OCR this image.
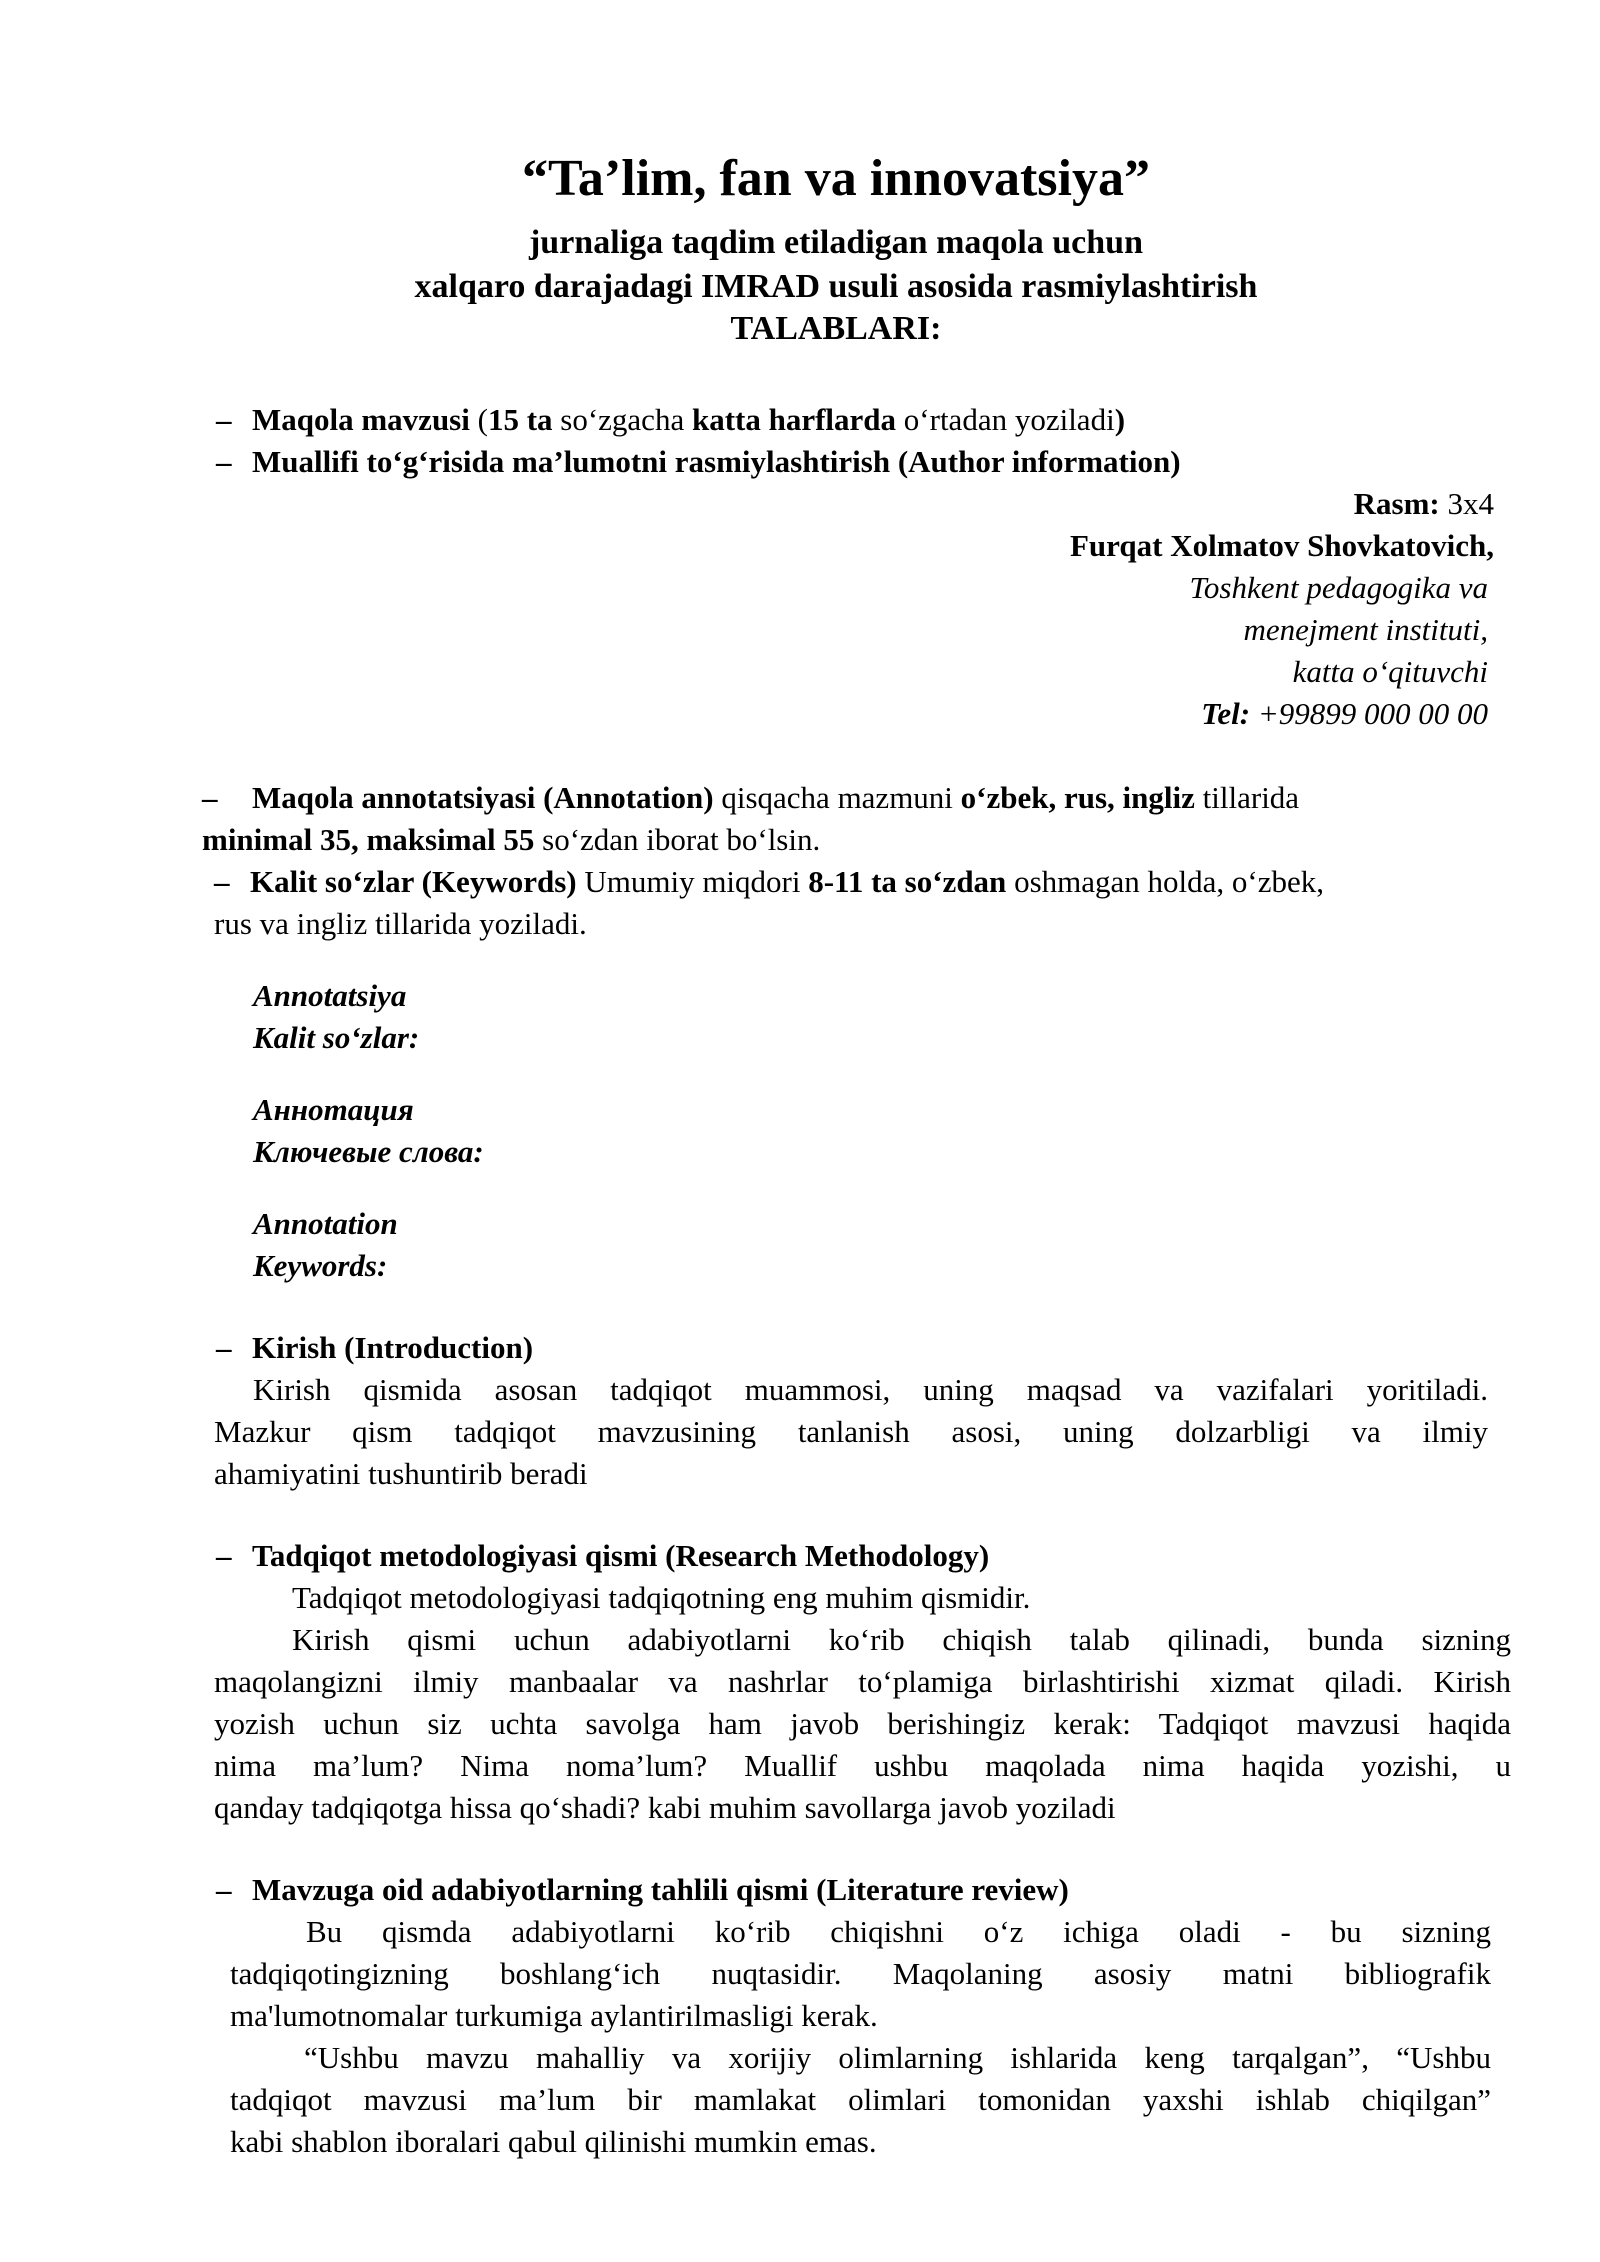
“Ta’lim, fan va innovatsiya”
jurnaliga taqdim etiladigan maqola uchun
xalqaro darajadagi IMRAD usuli asosida rasmiylashtirish
TALABLARI:
– Maqola mavzusi (15 ta so‘zgacha katta harflarda o‘rtadan yoziladi)
– Muallifi to‘g‘risida ma’lumotni rasmiylashtirish (Author information)
Rasm: 3x4
Furqat Xolmatov Shovkatovich,
Toshkent pedagogika va
menejment instituti,
katta o‘qituvchi
Tel: +99899 000 00 00
– Maqola annotatsiyasi (Annotation) qisqacha mazmuni o‘zbek, rus, ingliz tillarida
minimal 35, maksimal 55 so‘zdan iborat bo‘lsin.
– Kalit so‘zlar (Keywords) Umumiy miqdori 8-11 ta so‘zdan oshmagan holda, o‘zbek,
rus va ingliz tillarida yoziladi.
Annotatsiya
Kalit so‘zlar:
Аннотация
Ключевые слова:
Annotation
Keywords:
– Kirish (Introduction)
Kirish qismida asosan tadqiqot muammosi, uning maqsad va vazifalari yoritiladi.
Mazkur qism tadqiqot mavzusining tanlanish asosi, uning dolzarbligi va ilmiy
ahamiyatini tushuntirib beradi
– Tadqiqot metodologiyasi qismi (Research Methodology)
Tadqiqot metodologiyasi tadqiqotning eng muhim qismidir.
Kirish qismi uchun adabiyotlarni ko‘rib chiqish talab qilinadi, bunda sizning
maqolangizni ilmiy manbaalar va nashrlar to‘plamiga birlashtirishi xizmat qiladi. Kirish
yozish uchun siz uchta savolga ham javob berishingiz kerak: Tadqiqot mavzusi haqida
nima ma’lum? Nima noma’lum? Muallif ushbu maqolada nima haqida yozishi, u
qanday tadqiqotga hissa qo‘shadi? kabi muhim savollarga javob yoziladi
– Mavzuga oid adabiyotlarning tahlili qismi (Literature review)
Bu qismda adabiyotlarni ko‘rib chiqishni o‘z ichiga oladi - bu sizning
tadqiqotingizning boshlang‘ich nuqtasidir. Maqolaning asosiy matni bibliografik
ma'lumotnomalar turkumiga aylantirilmasligi kerak.
“Ushbu mavzu mahalliy va xorijiy olimlarning ishlarida keng tarqalgan”, “Ushbu
tadqiqot mavzusi ma’lum bir mamlakat olimlari tomonidan yaxshi ishlab chiqilgan”
kabi shablon iboralari qabul qilinishi mumkin emas.
